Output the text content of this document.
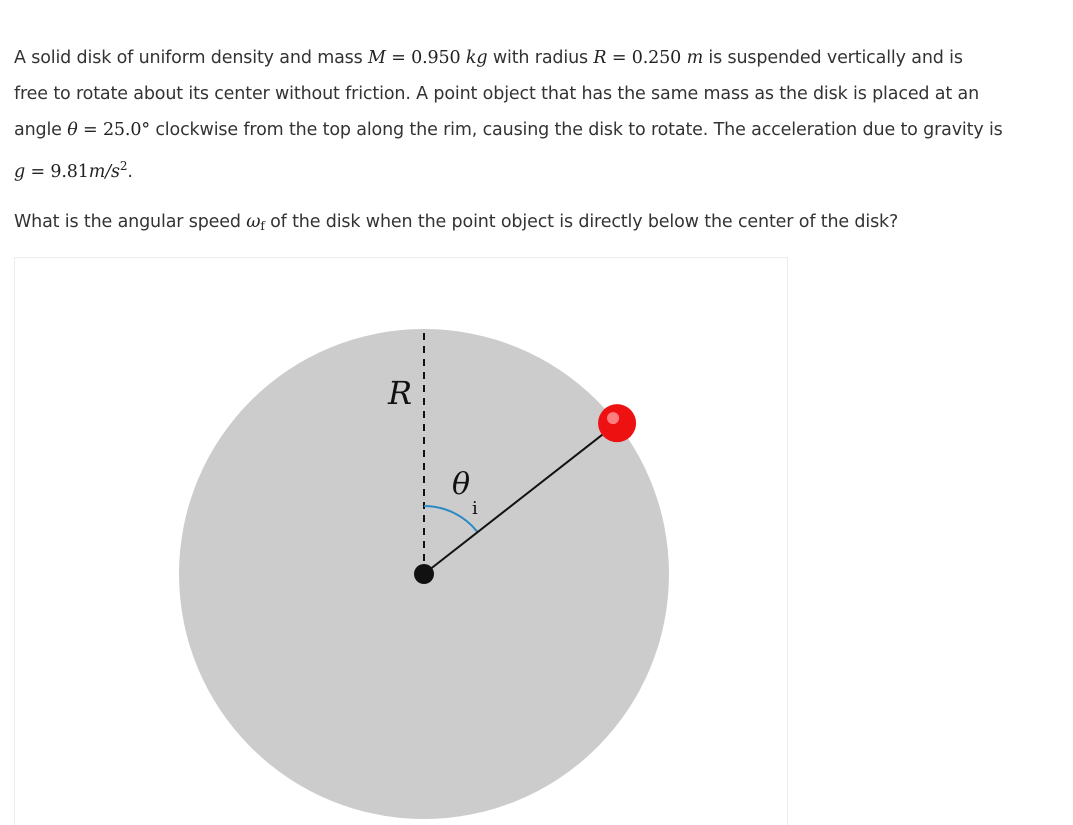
A solid disk of uniform density and mass M = 0.950 kg with radius R = 0.250 m is suspended vertically and is
free to rotate about its center without friction. A point object that has the same mass as the disk is placed at an
angle θ = 25.0° clockwise from the top along the rim, causing the disk to rotate. The acceleration due to gravity is
$g = 9.81m/s^2$.

What is the angular speed $\omega_f$ of the disk when the point object is directly below the center of the disk?
R
θ
i
